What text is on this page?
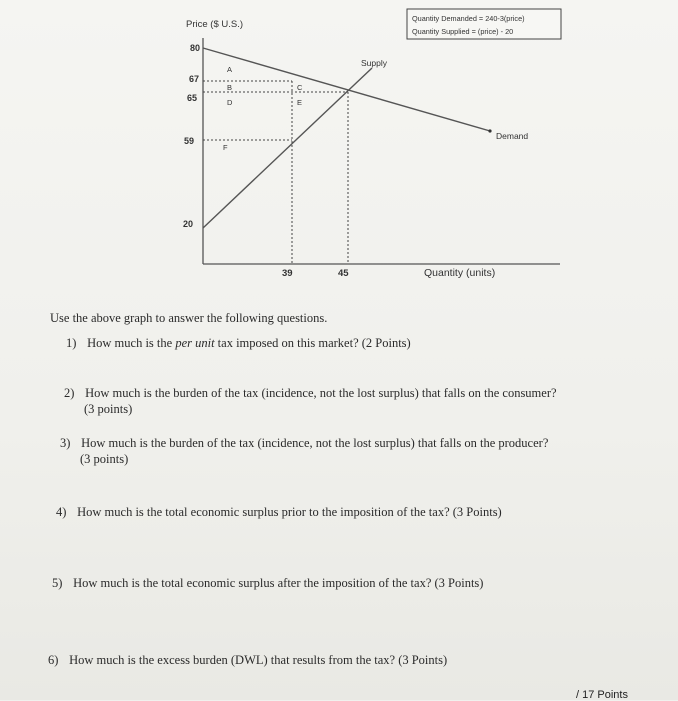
80
67
65
59
20
39	45
Price ($ U.S.)
Quantity (units)
Supply
Demand
A
B	C
D	E
F
Quantity Demanded = 240-3(price)
Quantity Supplied = (price) - 20
Use the above graph to answer the following questions.
1) How much is the per unit tax imposed on this market? (2 Points)
2) How much is the burden of the tax (incidence, not the lost surplus) that falls on the consumer?
(3 points)
3) How much is the burden of the tax (incidence, not the lost surplus) that falls on the producer?
(3 points)
4) How much is the total economic surplus prior to the imposition of the tax? (3 Points)
5) How much is the total economic surplus after the imposition of the tax? (3 Points)
6) How much is the excess burden (DWL) that results from the tax? (3 Points)
/ 17 Points
